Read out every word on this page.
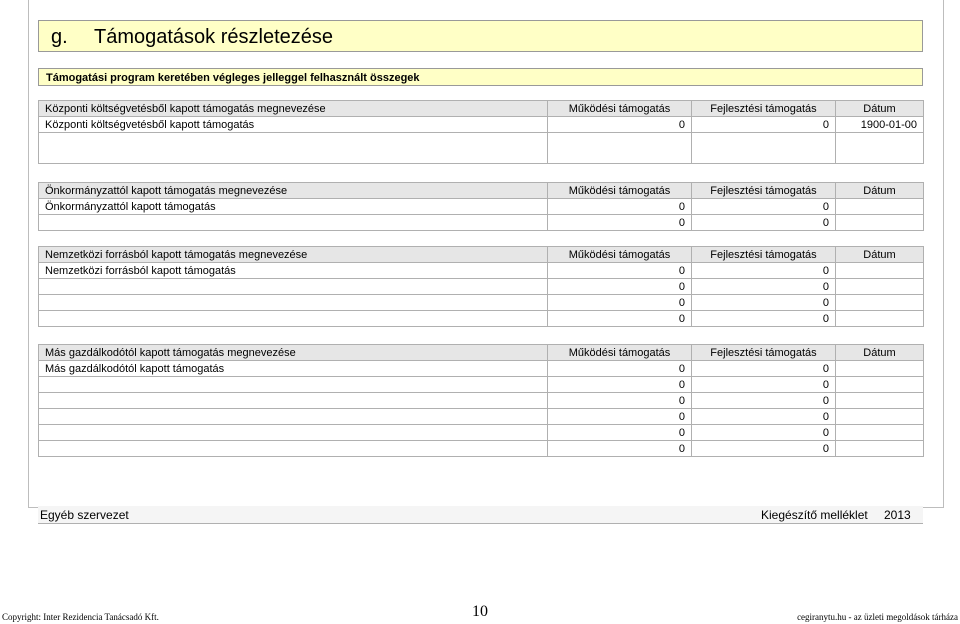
g. Támogatások részletezése
Támogatási program keretében végleges jelleggel felhasznált összegek
Központi költségvetésből kapott támogatás megnevezése	Működési támogatás	Fejlesztési támogatás	Dátum
Központi költségvetésből kapott támogatás	0	0	1900-01-00

Önkormányzattól kapott támogatás megnevezése	Működési támogatás	Fejlesztési támogatás	Dátum
Önkormányzattól kapott támogatás	0	0	
	0	0	
Nemzetközi forrásból kapott támogatás megnevezése	Működési támogatás	Fejlesztési támogatás	Dátum
Nemzetközi forrásból kapott támogatás	0	0	
	0	0	
	0	0	
	0	0	
Más gazdálkodótól kapott támogatás megnevezése	Működési támogatás	Fejlesztési támogatás	Dátum
Más gazdálkodótól kapott támogatás	0	0	
	0	0	
	0	0	
	0	0	
	0	0	
	0	0	
Egyéb szervezet	Kiegészítő melléklet 2013
Copyright: Inter Rezidencia Tanácsadó Kft.	10	cegiranytu.hu - az üzleti megoldások tárháza
